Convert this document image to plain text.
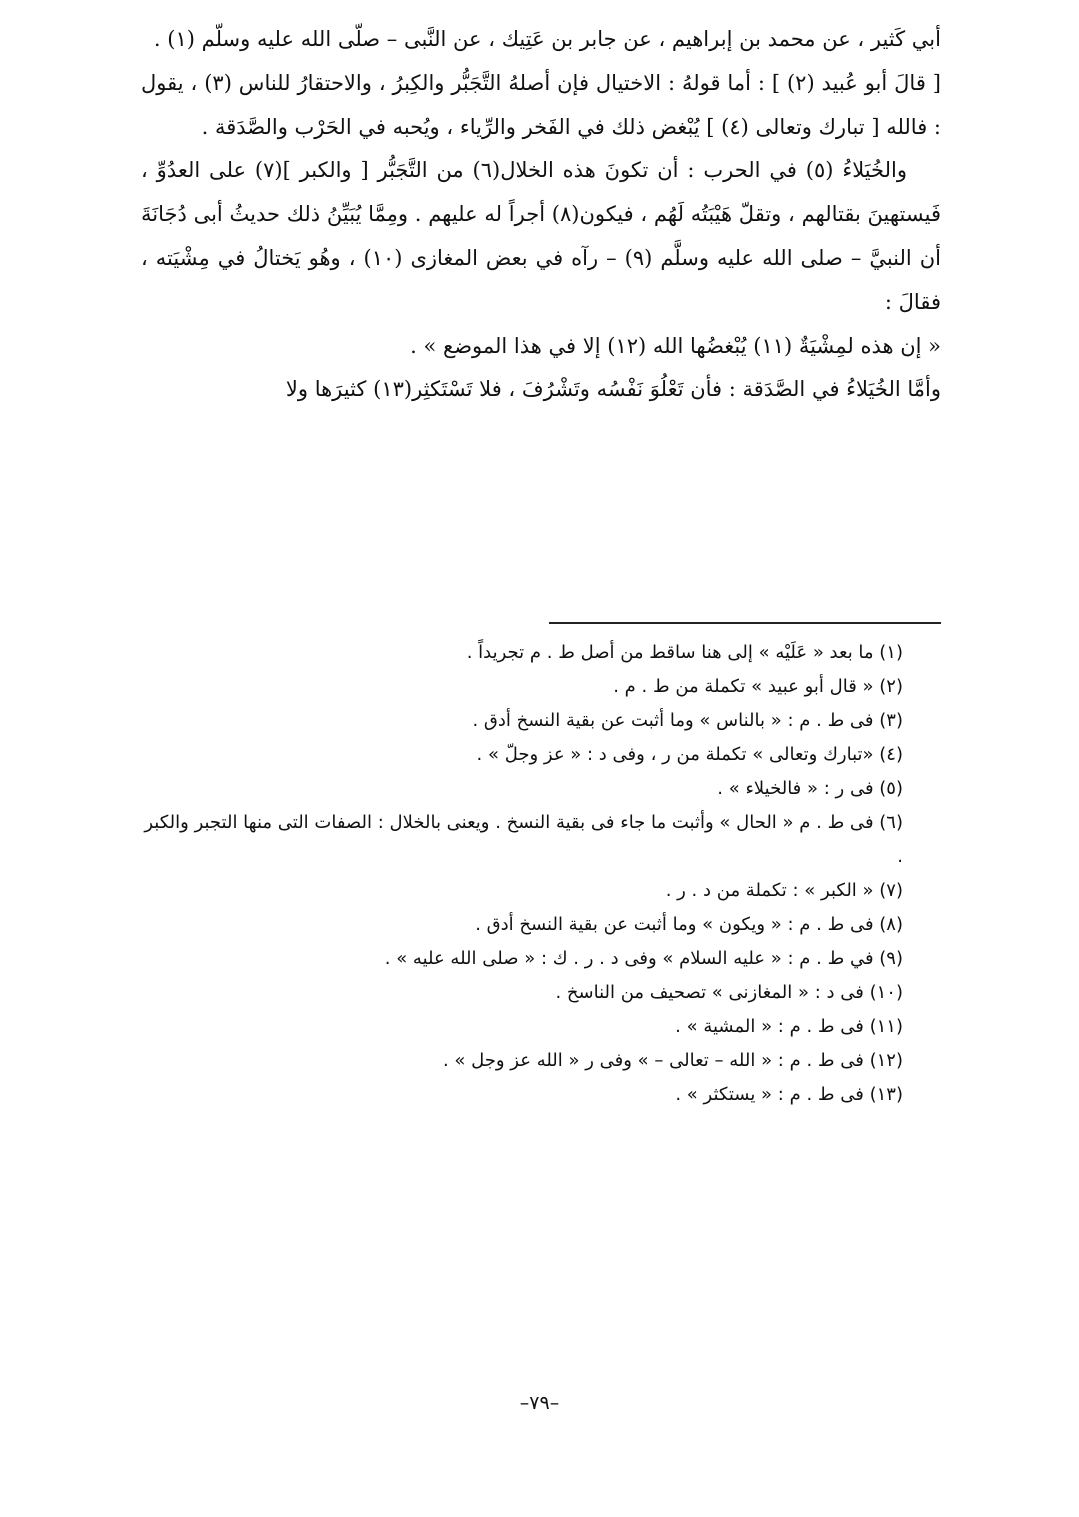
أبي كَثير ، عن محمد بن إبراهيم ، عن جابر بن عَتِيك ، عن النَّبى – صلّى الله عليه وسلّم (١) .

[ قالَ أبو عُبيد (٢) ] : أما قولهُ : الاختيال فإن أصلهُ التَّجَبُّر والكِبرُ ، والاحتقارُ للناس (٣) ، يقول : فالله [ تبارك وتعالى (٤) ] يُبْغض ذلك في الفَخر والرِّياء ، ويُحبه في الحَرْب والصَّدَقة .

والخُيَلاءُ (٥) في الحرب : أن تكونَ هذه الخلال(٦) من التَّجَبُّر [ والكبر ](٧) على العدُوِّ ، فَيستهينَ بقتالهم ، وتقلّ هَيْبَتُه لَهُم ، فيكون(٨) أجراً له عليهم . ومِمَّا يُبَيِّنُ ذلك حديثُ أبى دُجَانَةَ أن النبيَّ – صلى الله عليه وسلَّم (٩) – رآه في بعض المغازى (١٠) ، وهُو يَختالُ في مِشْيَته ، فقالَ :

« إن هذه لمِشْيَةٌ (١١) يُبْغضُها الله (١٢) إلا في هذا الموضع » .

وأمَّا الخُيَلاءُ في الصَّدَقة : فأن تَعْلُوَ نَفْسُه وتَشْرُفَ ، فلا تَسْتَكثِر(١٣) كثيرَها ولا

(١) ما بعد « عَلَيْه » إلى هنا ساقط من أصل ط . م تجريداً .

(٢) « قال أبو عبيد » تكملة من ط . م .

(٣) فى ط . م : « بالناس » وما أثبت عن بقية النسخ أدق .

(٤) «تبارك وتعالى » تكملة من ر ، وفى د : « عز وجلّ » .

(٥) فى ر : « فالخيلاء » .

(٦) فى ط . م « الحال » وأثبت ما جاء فى بقية النسخ . ويعنى بالخلال : الصفات التى منها التجبر والكبر .

(٧) « الكبر » : تكملة من د . ر .

(٨) فى ط . م : « ويكون » وما أثبت عن بقية النسخ أدق .

(٩) في ط . م : « عليه السلام » وفى د . ر . ك : « صلى الله عليه » .

(١٠) فى د : « المغازنى » تصحيف من الناسخ .

(١١) فى ط . م : « المشية » .

(١٢) فى ط . م : « الله – تعالى – » وفى ر « الله عز وجل » .

(١٣) فى ط . م : « يستكثر » .

–٧٩–
